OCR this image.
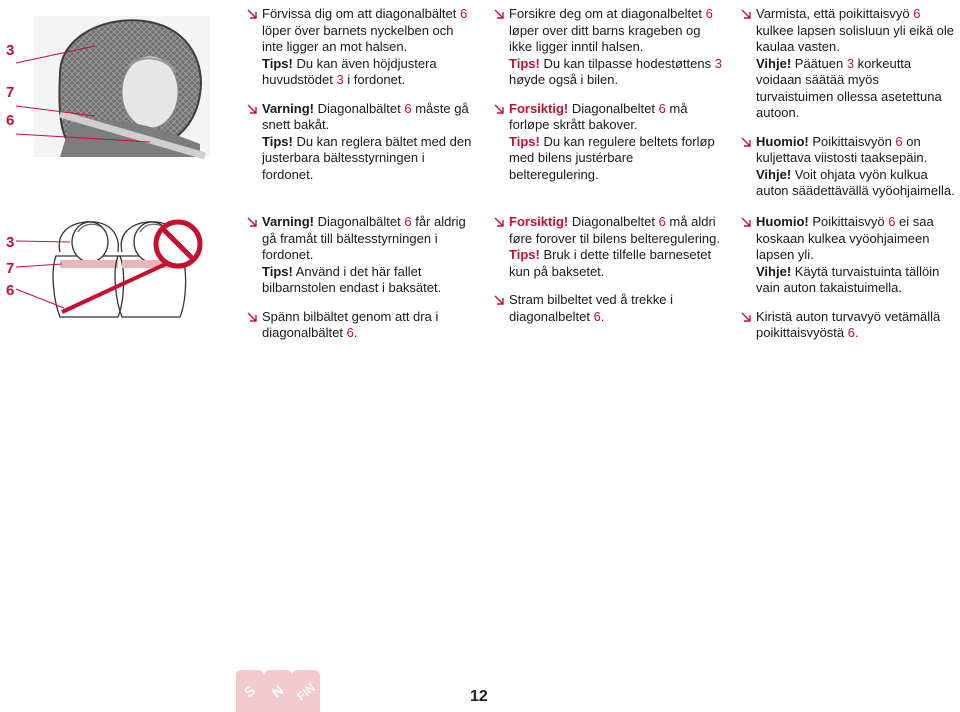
3
7
6

Förvissa dig om att diagonalbältet 6 löper över barnets nyckelben och inte ligger an mot halsen.
Tips! Du kan även höjdjustera huvudstödet 3 i fordonet.

Varning! Diagonalbältet 6 måste gå snett bakåt.
Tips! Du kan reglera bältet med den justerbara bältesstyrningen i fordonet.

Forsikre deg om at diagonalbeltet 6 løper over ditt barns krageben og ikke ligger inntil halsen.
Tips! Du kan tilpasse hodestøttens 3 høyde også i bilen.

Forsiktig! Diagonalbeltet 6 må forløpe skrått bakover.
Tips! Du kan regulere beltets forløp med bilens justérbare belteregulering.

Varmista, että poikittaisvyö 6 kulkee lapsen solisluun yli eikä ole kaulaa vasten.
Vihje! Päätuen 3 korkeutta voidaan säätää myös turvaistuimen ollessa asetettuna autoon.

Huomio! Poikittaisvyön 6 on kuljettava viistosti taaksepäin.
Vihje! Voit ohjata vyön kulkua auton säädettävällä vyöohjaimella.

3
7
6

Varning! Diagonalbältet 6 får aldrig gå framåt till bältesstyrningen i fordonet.
Tips! Använd i det här fallet bilbarnstolen endast i baksätet.

Spänn bilbältet genom att dra i diagonalbältet 6.

Forsiktig! Diagonalbeltet 6 må aldri føre forover til bilens belteregulering.
Tips! Bruk i dette tilfelle barnesetet kun på baksetet.

Stram bilbeltet ved å trekke i diagonalbeltet 6.

Huomio! Poikittaisvyö 6 ei saa koskaan kulkea vyöohjaimeen lapsen yli.
Vihje! Käytä turvaistuinta tällöin vain auton takaistuimella.

Kiristä auton turvavyö vetämällä poikittaisvyöstä 6.

S N FIN	12
